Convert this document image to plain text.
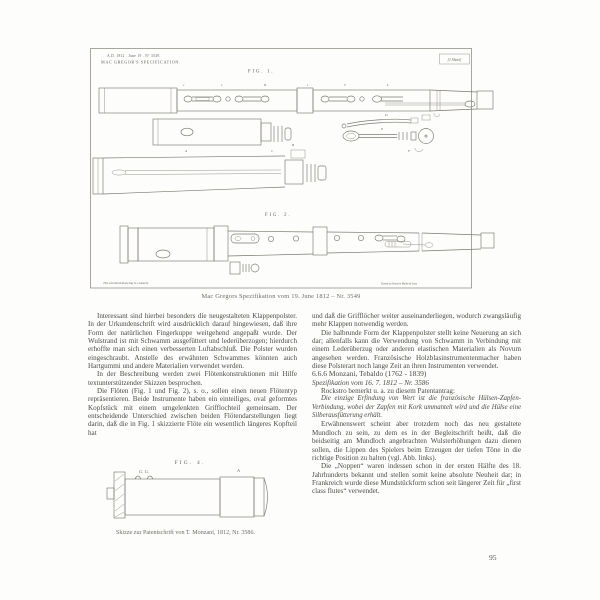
A.D. 1812 . June 19 . N° 3549.
MAC GREGOR'S SPECIFICATION.	[1 Sheet]
FIG. 1.
c	e	B	s	T	k
A
B
C
D
E
F
FIG. 2.
The enrolled drawing is colored.	Drawn on Stone by Malby & Sons
Mac Gregors Spezifikation vom 19. June 1812 – Nr. 3549

Interessant sind hierbei besonders die neugestalteten Klappenpolster. In der Urkundenschrift wird ausdrücklich darauf hingewiesen, daß ihre Form der natürlichen Fingerkuppe weitgehend angepaßt wurde. Der Wulstrand ist mit Schwamm ausgefüttert und lederüberzogen; hierdurch erhoffte man sich einen verbesserten Luftabschluß. Die Polster wurden eingeschraubt. Anstelle des erwähnten Schwammes könnten auch Hartgummi und andere Materialien verwendet werden.

In der Beschreibung werden zwei Flötenkonstruktionen mit Hilfe textunterstützender Skizzen besprochen.

Die Flöten (Fig. 1 und Fig. 2), s. o., sollen einen neuen Flötentyp repräsentieren. Beide Instrumente haben ein einteiliges, oval geformtes Kopfstück mit einem umgelenkten Grifflochteil gemeinsam. Der entscheidende Unterschied zwischen beiden Flötendarstellungen liegt darin, daß die in Fig. 1 skizzierte Flöte ein wesentlich längeres Kopfteil hat

FIG. 4.
G. G.	A
Skizze zur Patentschrift von T. Monzani, 1812, Nr. 3586.

und daß die Grifflöcher weiter auseinanderliegen, wodurch zwangsläufig mehr Klappen notwendig werden.

Die halbrunde Form der Klappenpolster stellt keine Neuerung an sich dar; allenfalls kann die Verwendung von Schwamm in Verbindung mit einem Lederüberzug oder anderen elastischen Materialien als Novum angesehen werden. Französische Holzblasinstrumentenmacher haben diese Polsterart noch lange Zeit an ihren Instrumenten verwendet.

6.6.6 Monzani, Tebaldo (1762 - 1839)

Spezifikation vom 16. 7. 1812 – Nr. 3586

Rockstro bemerkt u. a. zu diesem Patentantrag:

Die einzige Erfindung von Wert ist die französische Hülsen-Zapfen-Verbindung, wobei der Zapfen mit Kork ummantelt wird und die Hülse eine Silberausfütterung erhält.

Erwähnenswert scheint aber trotzdem noch das neu gestaltete Mundloch zu sein, zu dem es in der Begleitschrift heißt, daß die beidseitig am Mundloch angebrachten Wulsterhöhungen dazu dienen sollen, die Lippen des Spielers beim Erzeugen der tiefen Töne in die richtige Position zu halten (vgl. Abb. links).

Die „Noppen“ waren indessen schon in der ersten Hälfte des 18. Jahrhunderts bekannt und stellen somit keine absolute Neuheit dar; in Frankreich wurde diese Mundstückform schon seit längerer Zeit für „first class flutes“ verwendet.

95
